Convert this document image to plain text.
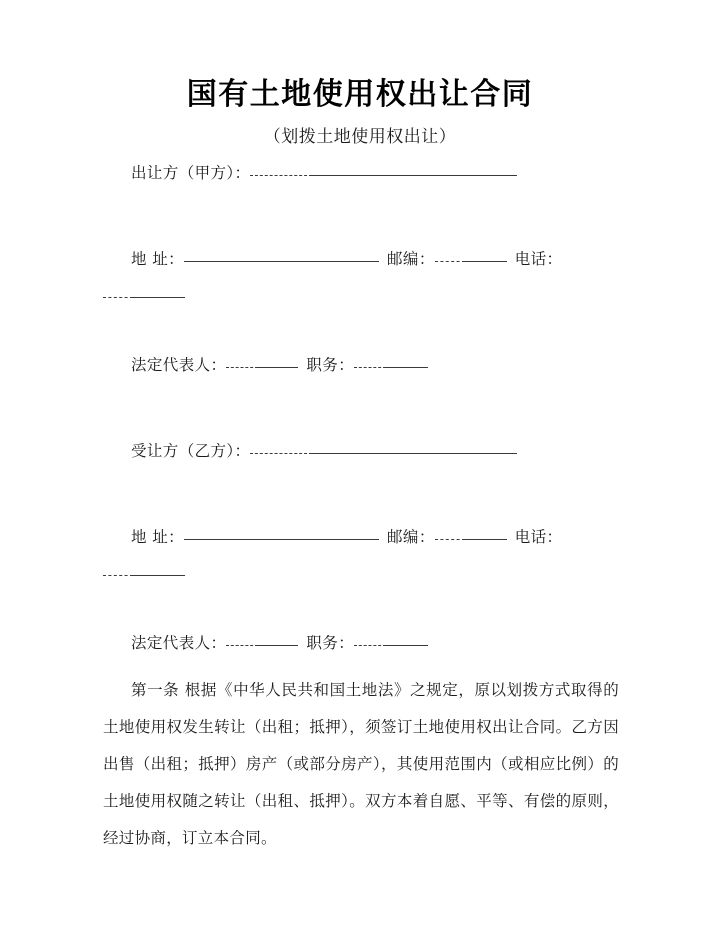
国有土地使用权出让合同
（划拨土地使用权出让）
出让方（甲方）：
地 址：	邮编：	电话：
法定代表人：	职务：
受让方（乙方）：
地 址：	邮编：	电话：
法定代表人：	职务：
第一条 根据《中华人民共和国土地法》之规定，原以划拨方式取得的土地使用权发生转让（出租；抵押），须签订土地使用权出让合同。乙方因出售（出租；抵押）房产（或部分房产），其使用范围内（或相应比例）的土地使用权随之转让（出租、抵押）。双方本着自愿、平等、有偿的原则，经过协商，订立本合同。
